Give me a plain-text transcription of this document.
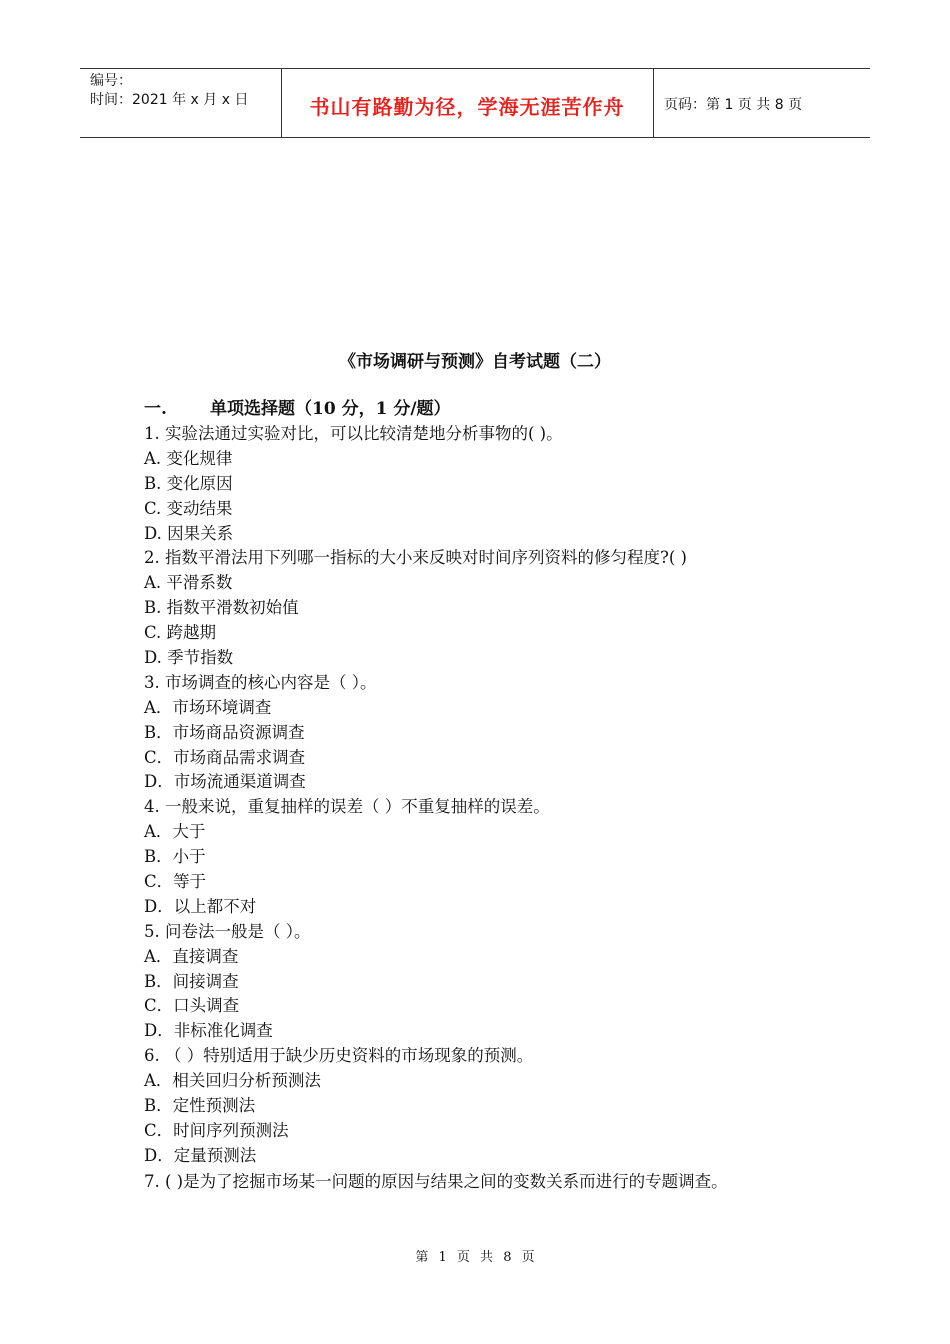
编号：
时间：2021 年 x 月 x 日	书山有路勤为径，学海无涯苦作舟	页码：第 1 页 共 8 页
《市场调研与预测》自考试题（二）
一.	单项选择题（10 分，1 分/题）
1. 实验法通过实验对比，可以比较清楚地分析事物的( )。
A. 变化规律
B. 变化原因
C. 变动结果
D. 因果关系
2. 指数平滑法用下列哪一指标的大小来反映对时间序列资料的修匀程度?( )
A. 平滑系数
B. 指数平滑数初始值
C. 跨越期
D. 季节指数
3. 市场调查的核心内容是（ ）。
A．市场环境调查
B．市场商品资源调查
C．市场商品需求调查
D．市场流通渠道调查
4. 一般来说，重复抽样的误差（ ）不重复抽样的误差。
A．大于
B．小于
C．等于
D．以上都不对
5. 问卷法一般是（ ）。
A．直接调查
B．间接调查
C．口头调查
D．非标准化调查
6. （ ）特别适用于缺少历史资料的市场现象的预测。
A．相关回归分析预测法
B．定性预测法
C．时间序列预测法
D．定量预测法
7. ( )是为了挖掘市场某一问题的原因与结果之间的变数关系而进行的专题调查。
第 1 页 共 8 页
